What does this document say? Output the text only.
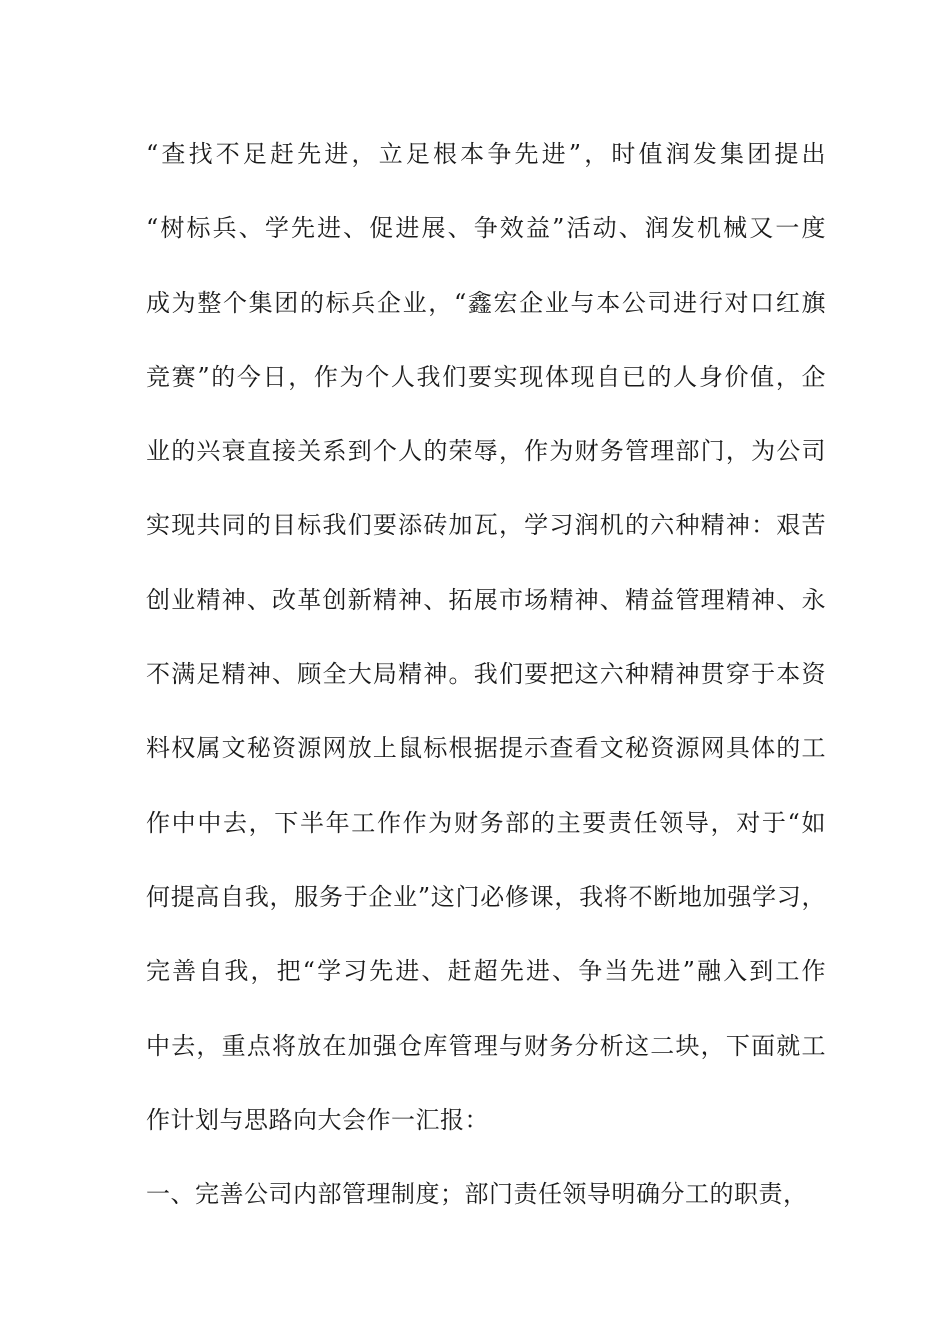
“查找不足赶先进，立足根本争先进”，时值润发集团提出
“树标兵、学先进、促进展、争效益”活动、润发机械又一度
成为整个集团的标兵企业，“鑫宏企业与本公司进行对口红旗
竞赛”的今日，作为个人我们要实现体现自已的人身价值，企
业的兴衰直接关系到个人的荣辱，作为财务管理部门，为公司
实现共同的目标我们要添砖加瓦，学习润机的六种精神：艰苦
创业精神、改革创新精神、拓展市场精神、精益管理精神、永
不满足精神、顾全大局精神。我们要把这六种精神贯穿于本资
料权属文秘资源网放上鼠标根据提示查看文秘资源网具体的工
作中中去，下半年工作作为财务部的主要责任领导，对于“如
何提高自我，服务于企业”这门必修课，我将不断地加强学习，
完善自我，把“学习先进、赶超先进、争当先进”融入到工作
中去，重点将放在加强仓库管理与财务分析这二块，下面就工
作计划与思路向大会作一汇报：
一、完善公司内部管理制度；部门责任领导明确分工的职责，
